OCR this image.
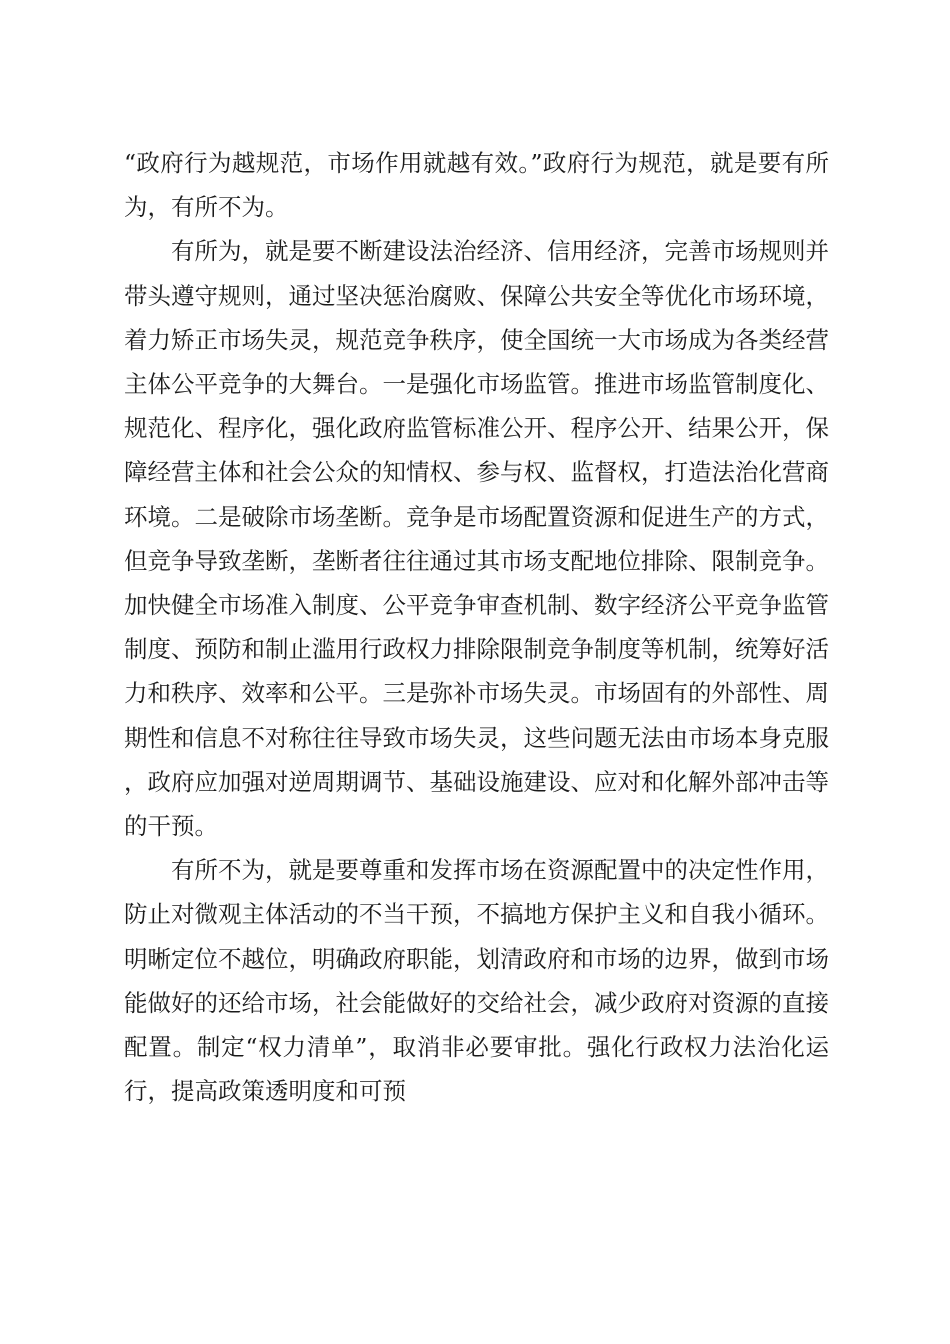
“政府行为越规范，市场作用就越有效。”政府行为规范，就是要有所为，有所不为。

有所为，就是要不断建设法治经济、信用经济，完善市场规则并带头遵守规则，通过坚决惩治腐败、保障公共安全等优化市场环境，着力矫正市场失灵，规范竞争秩序，使全国统一大市场成为各类经营主体公平竞争的大舞台。一是强化市场监管。推进市场监管制度化、规范化、程序化，强化政府监管标准公开、程序公开、结果公开，保障经营主体和社会公众的知情权、参与权、监督权，打造法治化营商环境。二是破除市场垄断。竞争是市场配置资源和促进生产的方式，但竞争导致垄断，垄断者往往通过其市场支配地位排除、限制竞争。加快健全市场准入制度、公平竞争审查机制、数字经济公平竞争监管制度、预防和制止滥用行政权力排除限制竞争制度等机制，统筹好活力和秩序、效率和公平。三是弥补市场失灵。市场固有的外部性、周期性和信息不对称往往导致市场失灵，这些问题无法由市场本身克服，政府应加强对逆周期调节、基础设施建设、应对和化解外部冲击等的干预。

有所不为，就是要尊重和发挥市场在资源配置中的决定性作用，防止对微观主体活动的不当干预，不搞地方保护主义和自我小循环。明晰定位不越位，明确政府职能，划清政府和市场的边界，做到市场能做好的还给市场，社会能做好的交给社会，减少政府对资源的直接配置。制定“权力清单”，取消非必要审批。强化行政权力法治化运行，提高政策透明度和可预
